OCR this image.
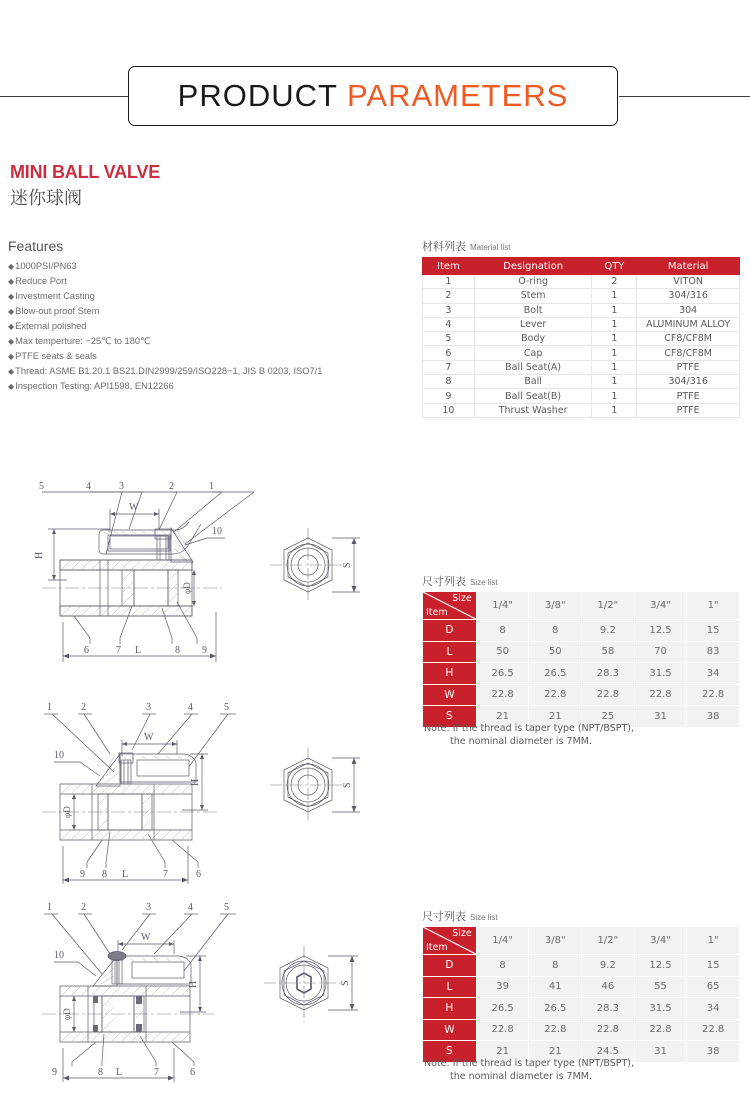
PRODUCT PARAMETERS
MINI BALL VALVE
迷你球阀
Features
◆1000PSI/PN63
◆Reduce Port
◆Investment Casting
◆Blow-out proof Stem
◆External polished
◆Max temperture: −25℃ to 180℃
◆PTFE seats & seals
◆Thread: ASME B1.20.1 BS21.DIN2999/259/ISO228−1, JIS B 0203, ISO7/1
◆Inspection Testing: API1598, EN12266
材料列表 Material list
Item	Designation	QTY	Material
1	O-ring	2	VITON
2	Stem	1	304/316
3	Bolt	1	304
4	Lever	1	ALUMINUM ALLOY
5	Body	1	CF8/CF8M
6	Cap	1	CF8/CF8M
7	Ball Seat(A)	1	PTFE
8	Ball	1	304/316
9	Ball Seat(B)	1	PTFE
10	Thrust Washer	1	PTFE
尺寸列表 Size list
Size
Item	1/4"	3/8"	1/2"	3/4"	1"
D	8	8	9.2	12.5	15
L	50	50	58	70	83
H	26.5	26.5	28.3	31.5	34
W	22.8	22.8	22.8	22.8	22.8
S	21	21	25	31	38
Note: If the thread is taper type (NPT/BSPT),
the nominal diameter is 7MM.
尺寸列表 Size list
Size
Item	1/4"	3/8"	1/2"	3/4"	1"
D	8	8	9.2	12.5	15
L	39	41	46	55	65
H	26.5	26.5	28.3	31.5	34
W	22.8	22.8	22.8	22.8	22.8
S	21	21	24.5	31	38
Note: If the thread is taper type (NPT/BSPT),
the nominal diameter is 7MM.
5	4	3	2	1
10
W
H
φD
6	7	8 9
L
S
1	2	3	4	5
10
W
H
φD
9 8	7	6
L
S
1	2	3	4	5
10
W
H
φD
9	8	7	6
L
S
